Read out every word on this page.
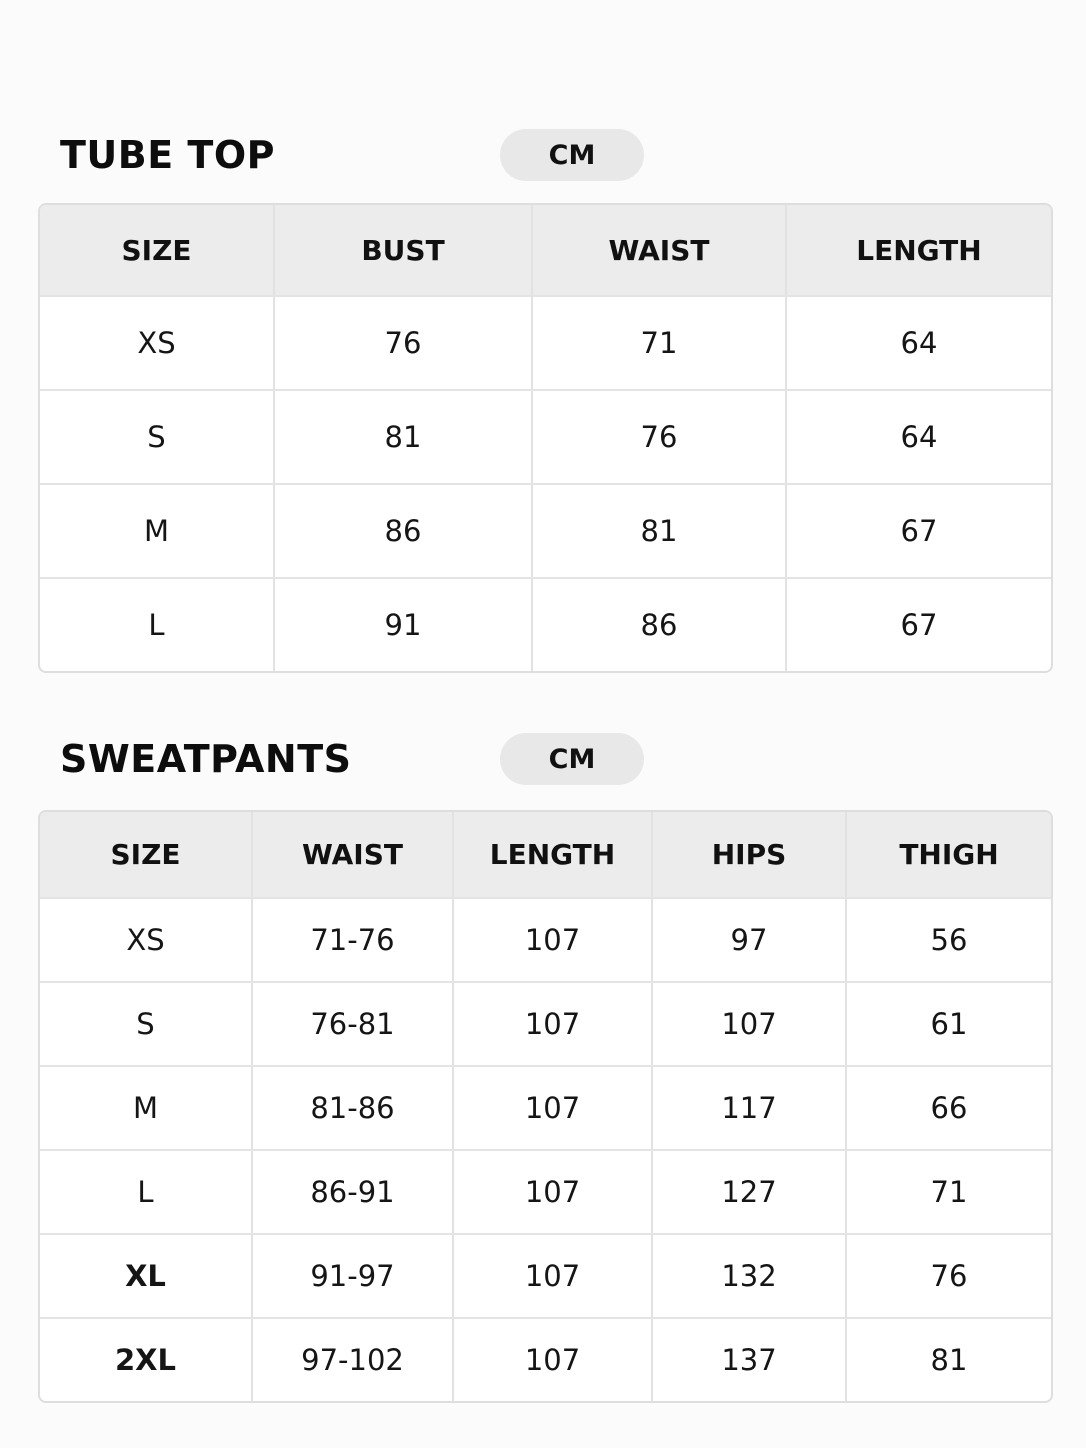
TUBE TOP	CM
SIZE	BUST	WAIST	LENGTH
XS	76	71	64
S	81	76	64
M	86	81	67
L	91	86	67
SWEATPANTS	CM
SIZE	WAIST	LENGTH	HIPS	THIGH
XS	71-76	107	97	56
S	76-81	107	107	61
M	81-86	107	117	66
L	86-91	107	127	71
XL	91-97	107	132	76
2XL	97-102	107	137	81
